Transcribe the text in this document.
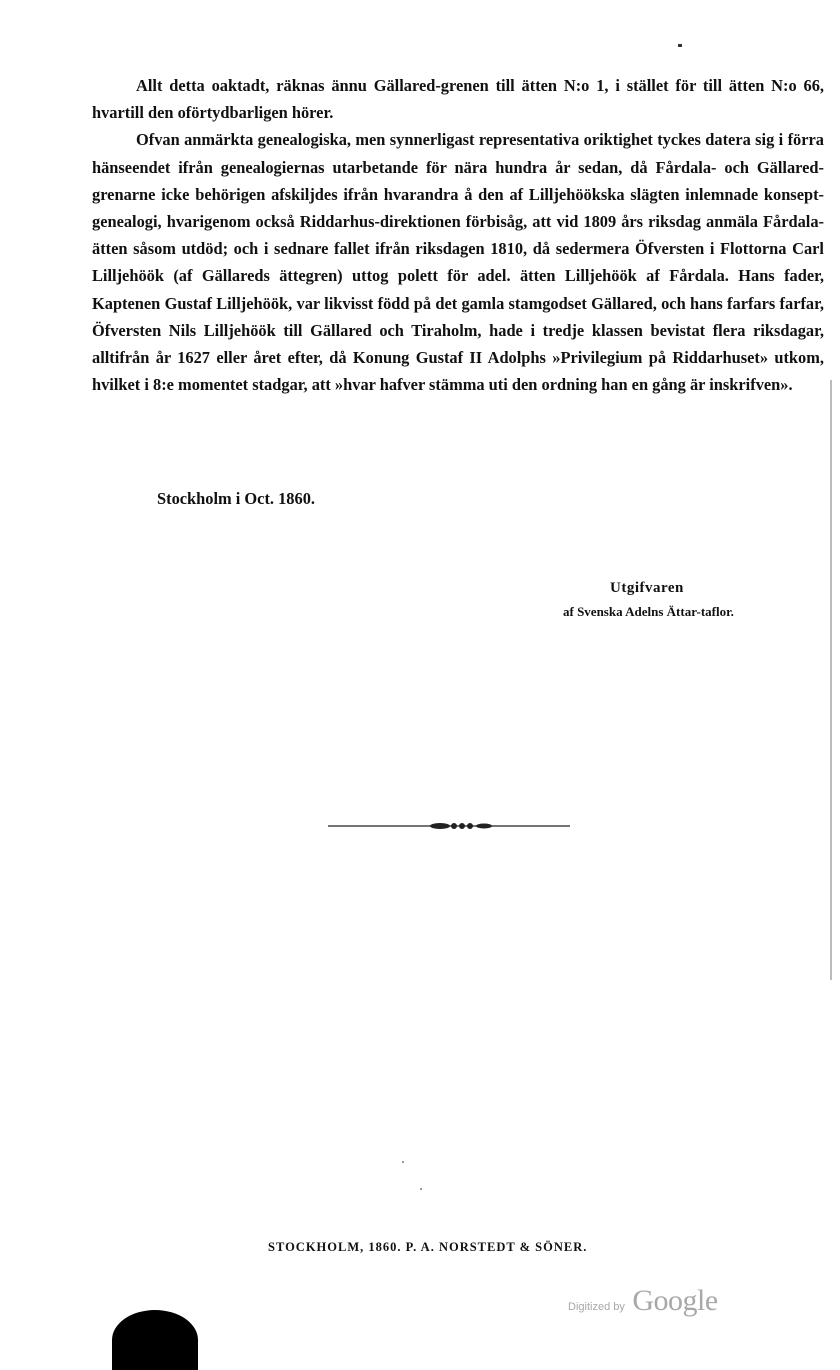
Allt detta oaktadt, räknas ännu Gällared-grenen till ätten N:o 1, i stället för till ätten N:o 66, hvartill den oförtydbarligen hörer.

Ofvan anmärkta genealogiska, men synnerligast representativa oriktighet tyckes datera sig i förra hänseendet ifrån genealogiernas utarbetande för nära hundra år sedan, då Fårdala- och Gällared-grenarne icke behörigen afskiljdes ifrån hvarandra å den af Lilljehöökska slägten inlemnade konsept-genealogi, hvarigenom också Riddarhus-direktionen förbisåg, att vid 1809 års riksdag anmäla Fårdala-ätten såsom utdöd; och i sednare fallet ifrån riksdagen 1810, då sedermera Öfversten i Flottorna Carl Lilljehöök (af Gällareds ättegren) uttog polett för adel. ätten Lilljehöök af Fårdala. Hans fader, Kaptenen Gustaf Lilljehöök, var likvisst född på det gamla stamgodset Gällared, och hans farfars farfar, Öfversten Nils Lilljehöök till Gällared och Tiraholm, hade i tredje klassen bevistat flera riksdagar, alltifrån år 1627 eller året efter, då Konung Gustaf II Adolphs »Privilegium på Riddarhuset» utkom, hvilket i 8:e momentet stadgar, att »hvar hafver stämma uti den ordning han en gång är inskrifven».

Stockholm i Oct. 1860.
Utgifvaren
af Svenska Adelns Ättar-taflor.
STOCKHOLM, 1860. P. A. NORSTEDT & SÖNER.
Digitized by Google
